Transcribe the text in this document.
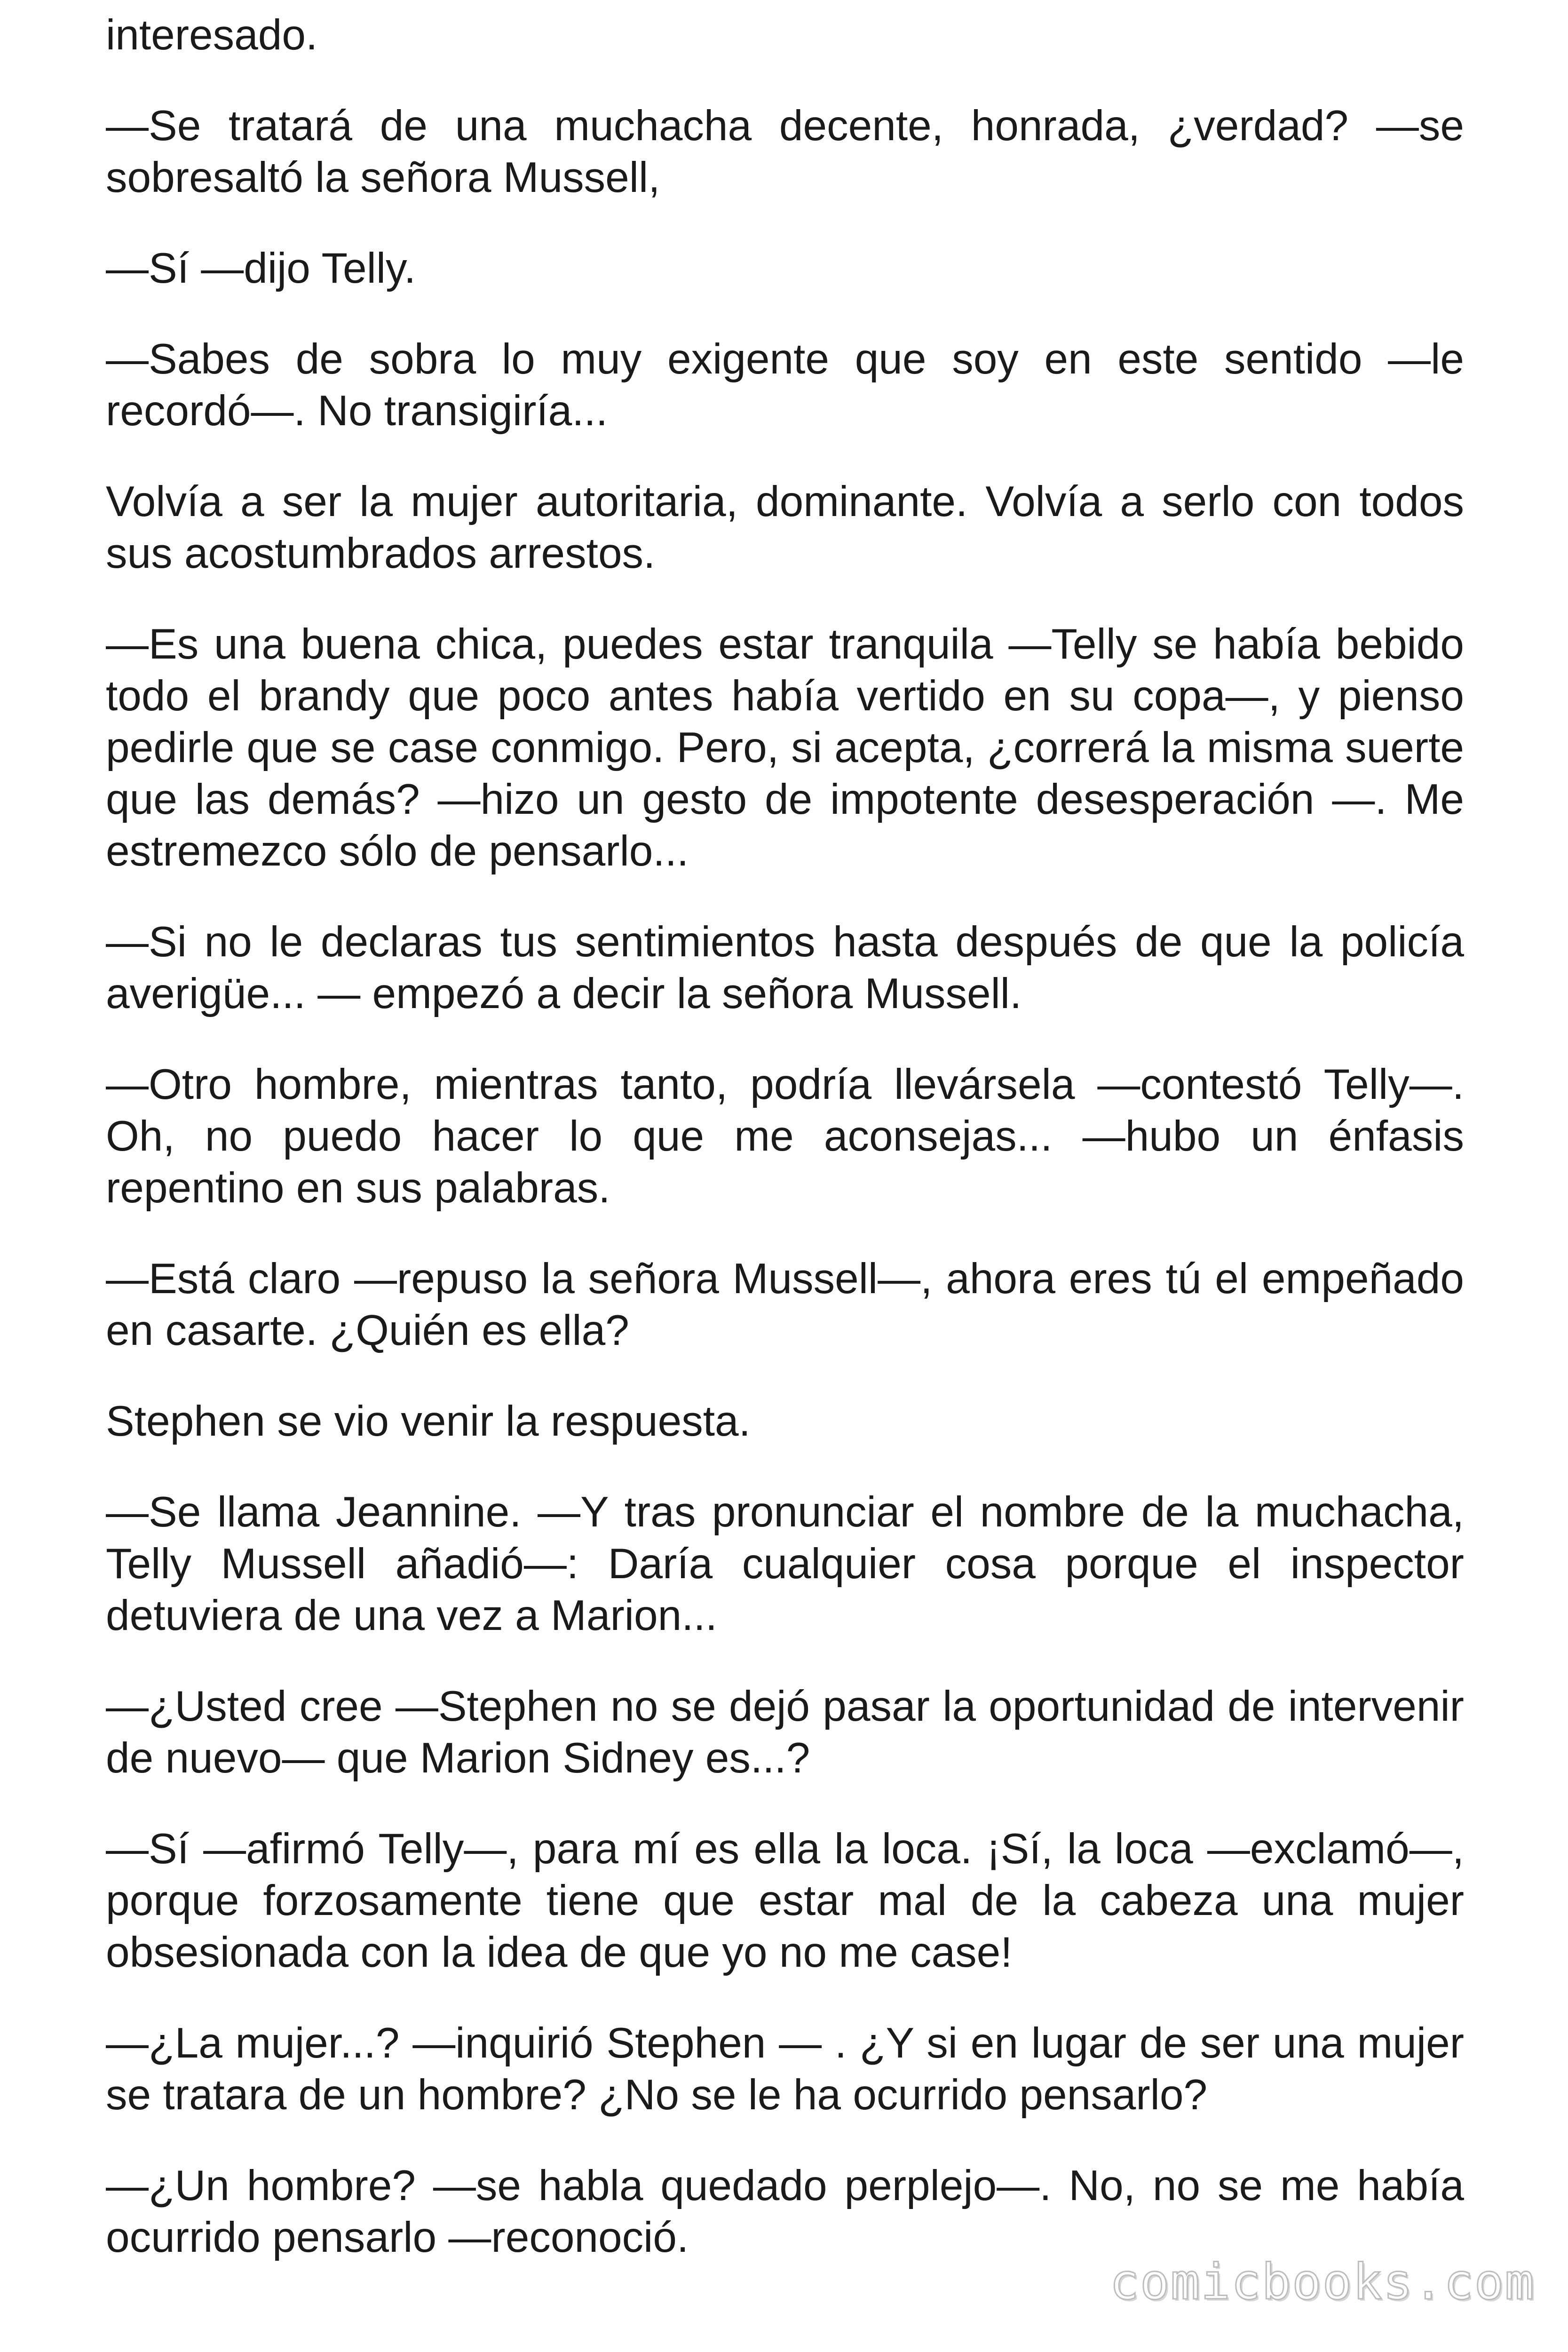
interesado.

—Se tratará de una muchacha decente, honrada, ¿verdad? —se sobresaltó la señora Mussell,

—Sí —dijo Telly.

—Sabes de sobra lo muy exigente que soy en este sentido —le recordó—. No transigiría...

Volvía a ser la mujer autoritaria, dominante. Volvía a serlo con todos sus acostumbrados arrestos.

—Es una buena chica, puedes estar tranquila —Telly se había bebido todo el brandy que poco antes había vertido en su copa—, y pienso pedirle que se case conmigo. Pero, si acepta, ¿correrá la misma suerte que las demás? —hizo un gesto de impotente desesperación —. Me estremezco sólo de pensarlo...

—Si no le declaras tus sentimientos hasta después de que la policía averigüe... — empezó a decir la señora Mussell.

—Otro hombre, mientras tanto, podría llevársela —contestó Telly—. Oh, no puedo hacer lo que me aconsejas... —hubo un énfasis repentino en sus palabras.

—Está claro —repuso la señora Mussell—, ahora eres tú el empeñado en casarte. ¿Quién es ella?

Stephen se vio venir la respuesta.

—Se llama Jeannine. —Y tras pronunciar el nombre de la muchacha, Telly Mussell añadió—: Daría cualquier cosa porque el inspector detuviera de una vez a Marion...

—¿Usted cree —Stephen no se dejó pasar la oportunidad de intervenir de nuevo— que Marion Sidney es...?

—Sí —afirmó Telly—, para mí es ella la loca. ¡Sí, la loca —exclamó—, porque forzosamente tiene que estar mal de la cabeza una mujer obsesionada con la idea de que yo no me case!

—¿La mujer...? —inquirió Stephen — . ¿Y si en lugar de ser una mujer se tratara de un hombre? ¿No se le ha ocurrido pensarlo?

—¿Un hombre? —se habla quedado perplejo—. No, no se me había ocurrido pensarlo —reconoció.

comicbooks.com
